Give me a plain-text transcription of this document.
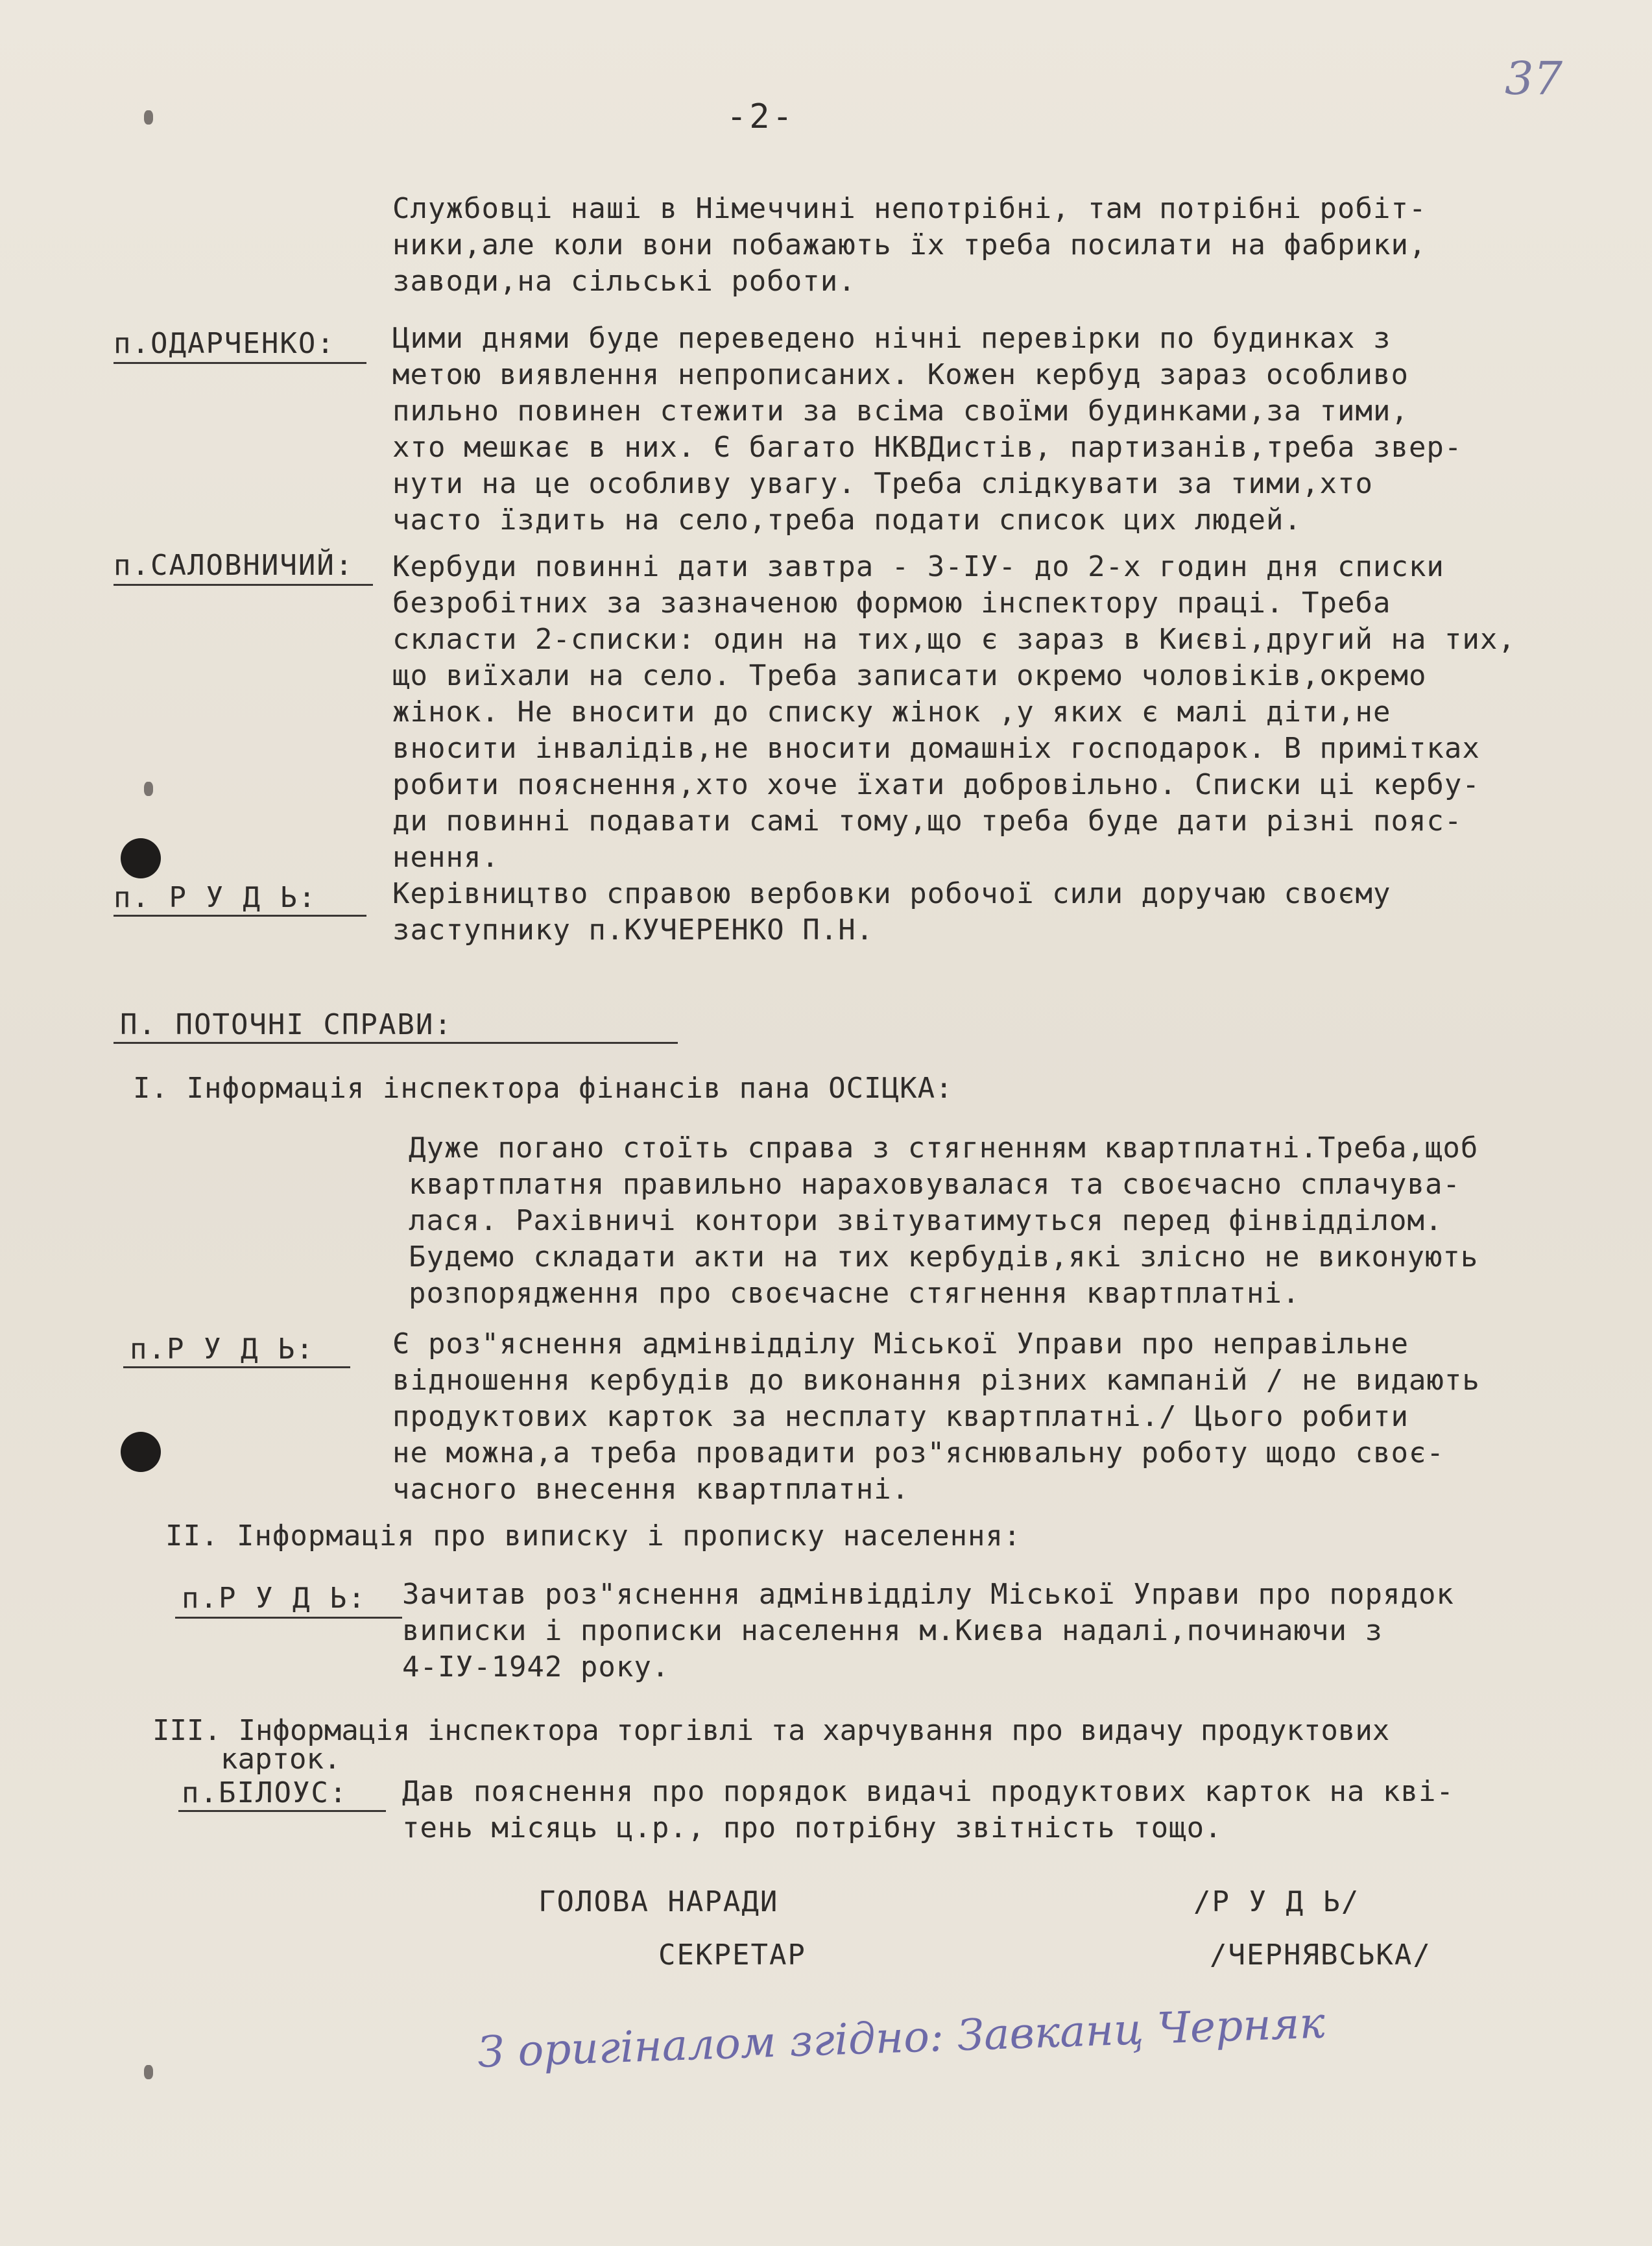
-2-
37
Службовці наші в Німеччині непотрібні, там потрібні робіт-
ники,але коли вони побажають їх треба посилати на фабрики,
заводи,на сільські роботи.
п.ОДАРЧЕНКО: Цими днями буде переведено нічні перевірки по будинках з
метою виявлення непрописаних. Кожен кербуд зараз особливо
пильно повинен стежити за всіма своїми будинками,за тими,
хто мешкає в них. Є багато НКВДистів, партизанів,треба звер-
нути на це особливу увагу. Треба слідкувати за тими,хто
часто їздить на село,треба подати список цих людей.
п.САЛОВНИЧИЙ: Кербуди повинні дати завтра - 3-ІУ- до 2-х годин дня списки
безробітних за зазначеною формою інспектору праці. Треба
скласти 2-списки: один на тих,що є зараз в Києві,другий на тих,
що виїхали на село. Треба записати окремо чоловіків,окремо
жінок. Не вносити до списку жінок ,у яких є малі діти,не
вносити інвалідів,не вносити домашніх господарок. В примітках
робити пояснення,хто хоче їхати добровільно. Списки ці кербу-
ди повинні подавати самі тому,що треба буде дати різні пояс-
нення.
п. Р У Д Ь:	Керівництво справою вербовки робочої сили доручаю своєму
заступнику п.КУЧЕРЕНКО П.Н.
П. ПОТОЧНІ СПРАВИ:
І. Інформація інспектора фінансів пана ОСІЦКА:
Дуже погано стоїть справа з стягненням квартплатні.Треба,щоб
квартплатня правильно нараховувалася та своєчасно сплачува-
лася. Рахівничі контори звітуватимуться перед фінвідділом.
Будемо складати акти на тих кербудів,які злісно не виконують
розпорядження про своєчасне стягнення квартплатні.
п.Р У Д Ь:	Є роз"яснення адмінвідділу Міської Управи про неправільне
відношення кербудів до виконання різних кампаній / не видають
продуктових карток за несплату квартплатні./ Цього робити
не можна,а треба провадити роз"яснювальну роботу щодо своє-
часного внесення квартплатні.
ІІ. Інформація про виписку і прописку населення:
п.Р У Д Ь: Зачитав роз"яснення адмінвідділу Міської Управи про порядок
виписки і прописки населення м.Києва надалі,починаючи з
4-ІУ-1942 року.
ІІІ. Інформація інспектора торгівлі та харчування про видачу продуктових
карток.
п.БІЛОУС: Дав пояснення про порядок видачі продуктових карток на кві-
тень місяць ц.р., про потрібну звітність тощо.
ГОЛОВА НАРАДИ	/Р У Д Ь/
СЕКРЕТАР	/ЧЕРНЯВСЬКА/
З оригіналом згідно: Завканц Черняк
